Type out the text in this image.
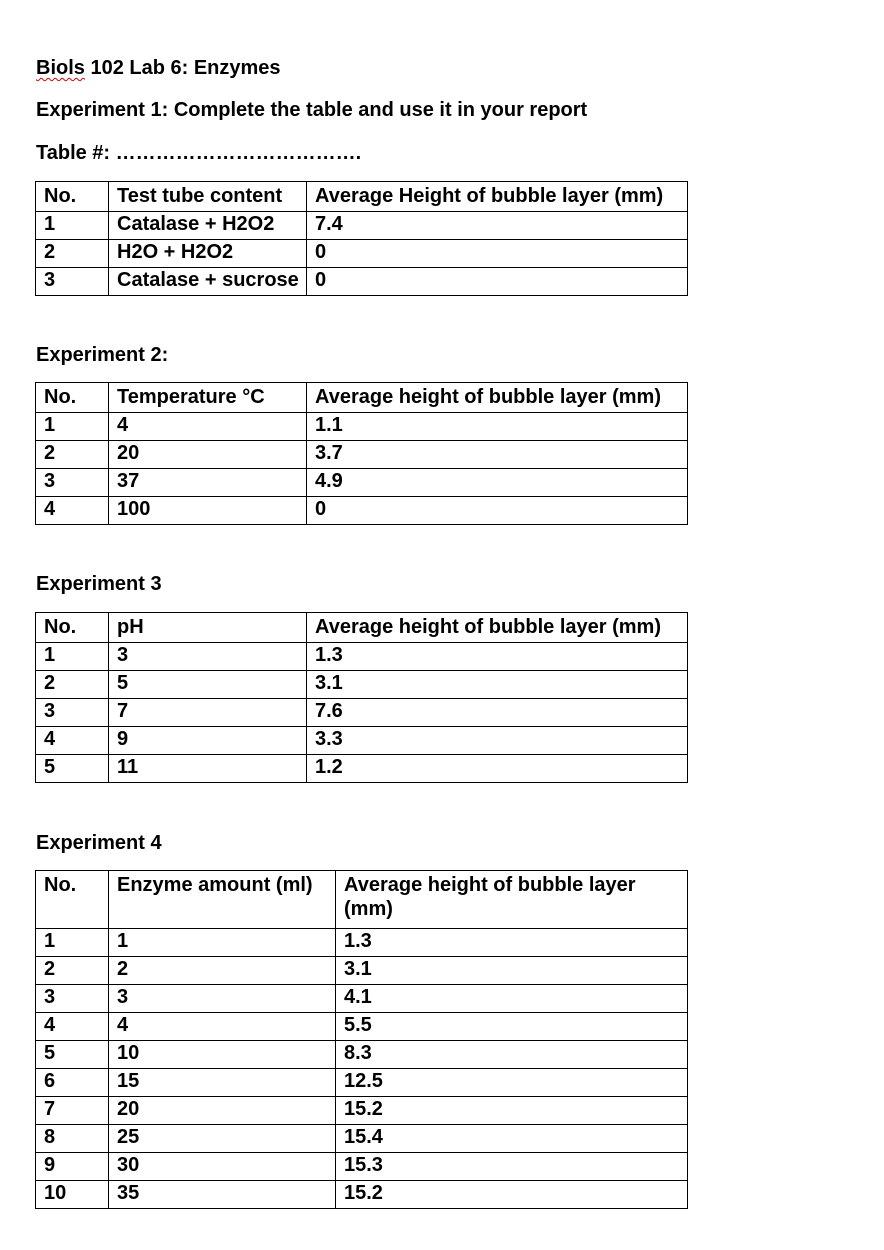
Biols 102 Lab 6: Enzymes
Experiment 1: Complete the table and use it in your report
Table #: ……………………………….
No.	Test tube content	Average Height of bubble layer (mm)
1	Catalase + H2O2	7.4
2	H2O + H2O2	0
3	Catalase + sucrose	0
Experiment 2:
No.	Temperature °C	Average height of bubble layer (mm)
1	4	1.1
2	20	3.7
3	37	4.9
4	100	0
Experiment 3
No.	pH	Average height of bubble layer (mm)
1	3	1.3
2	5	3.1
3	7	7.6
4	9	3.3
5	11	1.2
Experiment 4
No.	Enzyme amount (ml)	Average height of bubble layer (mm)
1	1	1.3
2	2	3.1
3	3	4.1
4	4	5.5
5	10	8.3
6	15	12.5
7	20	15.2
8	25	15.4
9	30	15.3
10	35	15.2
